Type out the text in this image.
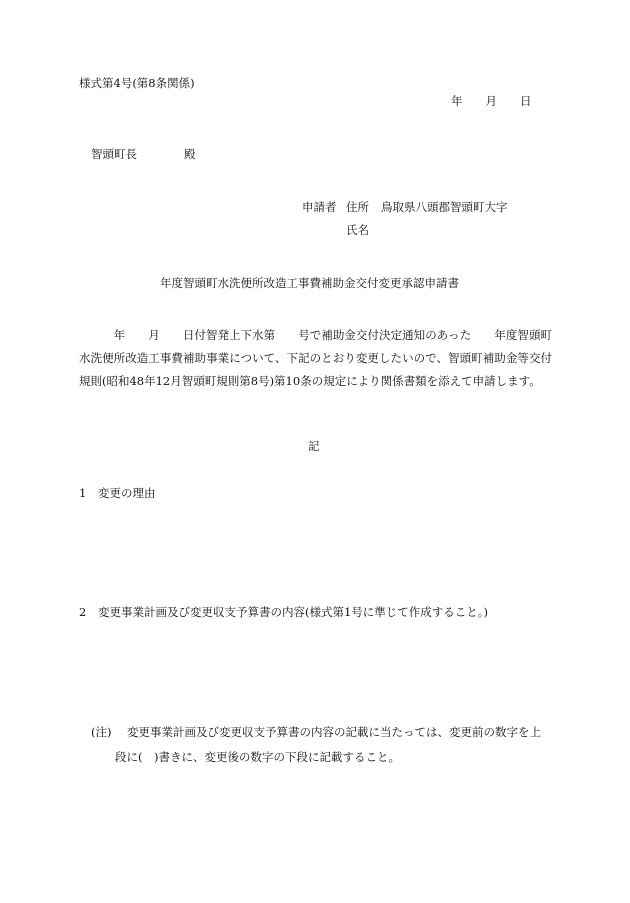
様式第4号(第8条関係)
年　　月　　日
智頭町長	殿
申請者 住所 鳥取県八頭郡智頭町大字
氏名
年度智頭町水洗便所改造工事費補助金交付変更承認申請書
　　　年　　月　　日付智発上下水第　　号で補助金交付決定通知のあった　　年度智頭町水洗便所改造工事費補助事業について、下記のとおり変更したいので、智頭町補助金等交付規則(昭和48年12月智頭町規則第8号)第10条の規定により関係書類を添えて申請します。
記
1 変更の理由
2 変更事業計画及び変更収支予算書の内容(様式第1号に準じて作成すること。)
(注) 変更事業計画及び変更収支予算書の内容の記載に当たっては、変更前の数字を上
段に(　)書きに、変更後の数字の下段に記載すること。
